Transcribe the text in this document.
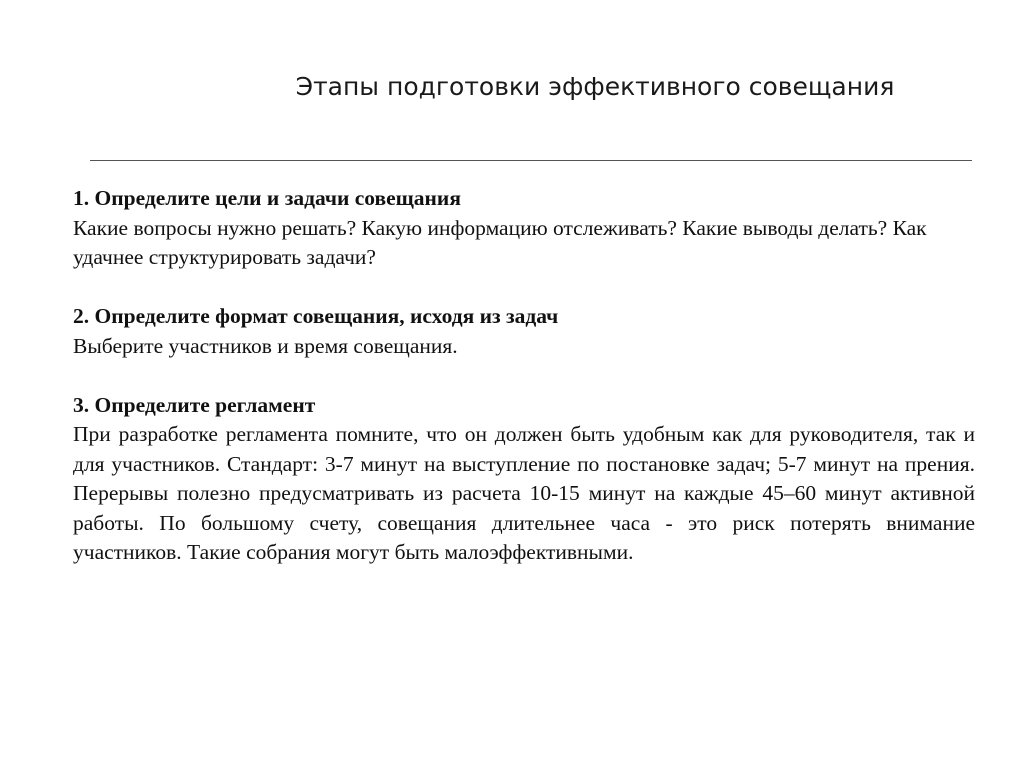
Этапы подготовки эффективного совещания
1. Определите цели и задачи совещания
Какие вопросы нужно решать? Какую информацию отслеживать? Какие выводы делать? Как удачнее структурировать задачи?
2. Определите формат совещания, исходя из задач
Выберите участников и время совещания.
3. Определите регламент
При разработке регламента помните, что он должен быть удобным как для руководителя, так и для участников. Стандарт: 3-7 минут на выступление по постановке задач; 5-7 минут на прения. Перерывы полезно предусматривать из расчета 10-15 минут на каждые 45–60 минут активной работы. По большому счету, совещания длительнее часа - это риск потерять внимание участников. Такие собрания могут быть малоэффективными.
